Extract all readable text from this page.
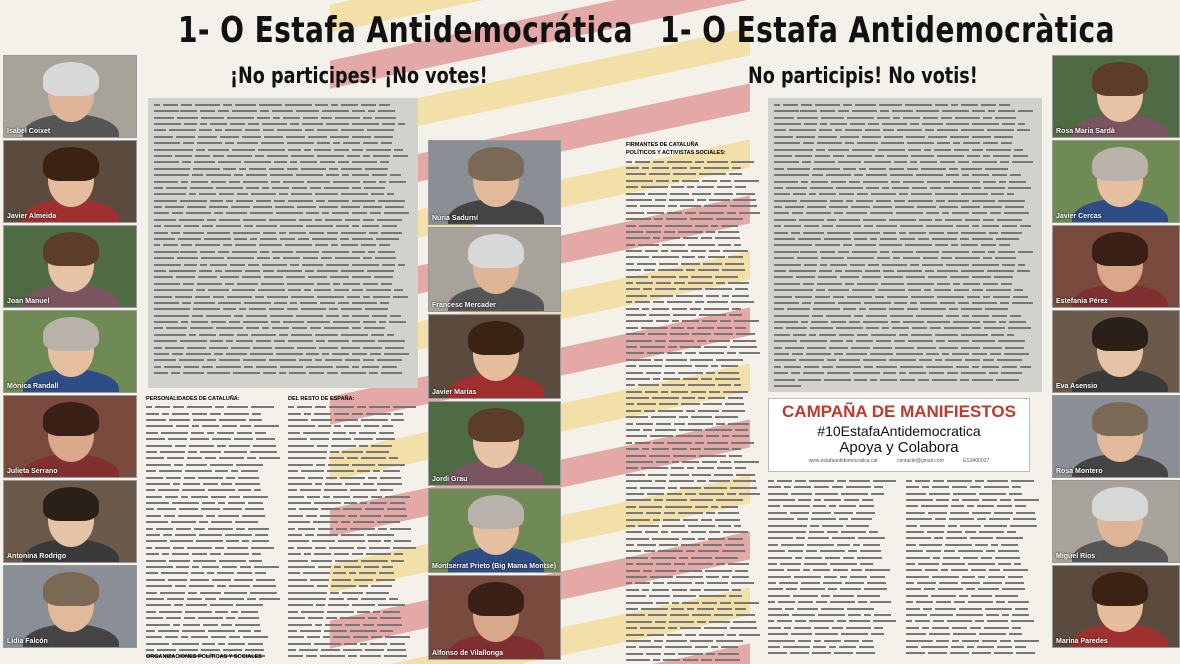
1- O Estafa Antidemocrática
¡No participes! ¡No votes!
Isabel Coixet
Javier Almeida
Joan Manuel
Mònica Randall
Julieta Serrano
Antonina Rodrigo
Lidia Falcón
PERSONALIDADES DE CATALUÑA:	DEL RESTO DE ESPAÑA:
ORGANIZACIONES POLÍTICAS Y SOCIALES
Núria Sadurní
Francesc Mercader
Javier Marías
Jordi Grau
Montserrat Prieto (Big Mama Montse)
Alfonso de Vilallonga
1- O Estafa Antidemocràtica
No participis! No votis!
FIRMANTES DE CATALUÑA
POLÍTICOS Y ACTIVISTAS SOCIALES:
CAMPAÑA DE MANIFIESTOS
#10EstafaAntidemocratica
Apoya y Colabora
www.estafaantidemocratica.cat contacte@gmail.com ES3400027
Rosa Maria Sardà
Javier Cercas
Estefania Pérez
Eva Asensio
Rosa Montero
Miguel Ríos
Marina Paredes
